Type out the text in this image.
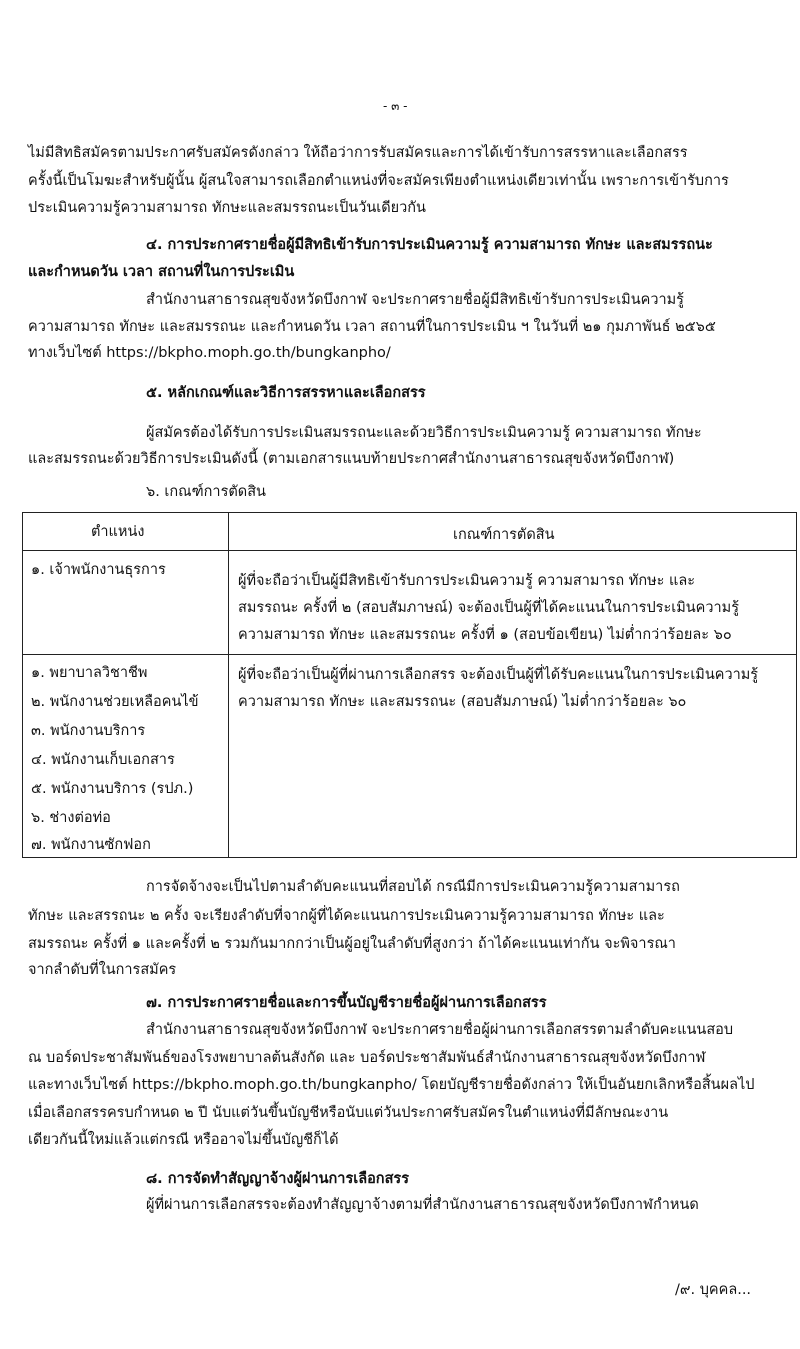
- ๓ -
ไม่มีสิทธิสมัครตามประกาศรับสมัครดังกล่าว ให้ถือว่าการรับสมัครและการได้เข้ารับการสรรหาและเลือกสรร
ครั้งนี้เป็นโมฆะสำหรับผู้นั้น ผู้สนใจสามารถเลือกตำแหน่งที่จะสมัครเพียงตำแหน่งเดียวเท่านั้น เพราะการเข้ารับการ
ประเมินความรู้ความสามารถ ทักษะและสมรรถนะเป็นวันเดียวกัน
๔. การประกาศรายชื่อผู้มีสิทธิเข้ารับการประเมินความรู้ ความสามารถ ทักษะ และสมรรถนะ
และกำหนดวัน เวลา สถานที่ในการประเมิน
สำนักงานสาธารณสุขจังหวัดบึงกาฬ จะประกาศรายชื่อผู้มีสิทธิเข้ารับการประเมินความรู้
ความสามารถ ทักษะ และสมรรถนะ และกำหนดวัน เวลา สถานที่ในการประเมิน ฯ ในวันที่ ๒๑ กุมภาพันธ์ ๒๕๖๕
ทางเว็บไซต์ https://bkpho.moph.go.th/bungkanpho/
๕. หลักเกณฑ์และวิธีการสรรหาและเลือกสรร
ผู้สมัครต้องได้รับการประเมินสมรรถนะและด้วยวิธีการประเมินความรู้ ความสามารถ ทักษะ
และสมรรถนะด้วยวิธีการประเมินดังนี้ (ตามเอกสารแนบท้ายประกาศสำนักงานสาธารณสุขจังหวัดบึงกาฬ)
๖. เกณฑ์การตัดสิน
ตำแหน่ง	เกณฑ์การตัดสิน
๑. เจ้าพนักงานธุรการ
ผู้ที่จะถือว่าเป็นผู้มีสิทธิเข้ารับการประเมินความรู้ ความสามารถ ทักษะ และ
สมรรถนะ ครั้งที่ ๒ (สอบสัมภาษณ์) จะต้องเป็นผู้ที่ได้คะแนนในการประเมินความรู้
ความสามารถ ทักษะ และสมรรถนะ ครั้งที่ ๑ (สอบข้อเขียน) ไม่ต่ำกว่าร้อยละ ๖๐
๑. พยาบาลวิชาชีพ
๒. พนักงานช่วยเหลือคนไข้
๓. พนักงานบริการ
๔. พนักงานเก็บเอกสาร
๕. พนักงานบริการ (รปภ.)
๖. ช่างต่อท่อ
๗. พนักงานซักฟอก
ผู้ที่จะถือว่าเป็นผู้ที่ผ่านการเลือกสรร จะต้องเป็นผู้ที่ได้รับคะแนนในการประเมินความรู้
ความสามารถ ทักษะ และสมรรถนะ (สอบสัมภาษณ์) ไม่ต่ำกว่าร้อยละ ๖๐
การจัดจ้างจะเป็นไปตามลำดับคะแนนที่สอบได้ กรณีมีการประเมินความรู้ความสามารถ
ทักษะ และสรรถนะ ๒ ครั้ง จะเรียงลำดับที่จากผู้ที่ได้คะแนนการประเมินความรู้ความสามารถ ทักษะ และ
สมรรถนะ ครั้งที่ ๑ และครั้งที่ ๒ รวมกันมากกว่าเป็นผู้อยู่ในลำดับที่สูงกว่า ถ้าได้คะแนนเท่ากัน จะพิจารณา
จากลำดับที่ในการสมัคร
๗. การประกาศรายชื่อและการขึ้นบัญชีรายชื่อผู้ผ่านการเลือกสรร
สำนักงานสาธารณสุขจังหวัดบึงกาฬ จะประกาศรายชื่อผู้ผ่านการเลือกสรรตามลำดับคะแนนสอบ
ณ บอร์ดประชาสัมพันธ์ของโรงพยาบาลต้นสังกัด และ บอร์ดประชาสัมพันธ์สำนักงานสาธารณสุขจังหวัดบึงกาฬ
และทางเว็บไซต์ https://bkpho.moph.go.th/bungkanpho/ โดยบัญชีรายชื่อดังกล่าว ให้เป็นอันยกเลิกหรือสิ้นผลไป
เมื่อเลือกสรรครบกำหนด ๒ ปี นับแต่วันขึ้นบัญชีหรือนับแต่วันประกาศรับสมัครในตำแหน่งที่มีลักษณะงาน
เดียวกันนี้ใหม่แล้วแต่กรณี หรืออาจไม่ขึ้นบัญชีก็ได้
๘. การจัดทำสัญญาจ้างผู้ผ่านการเลือกสรร
ผู้ที่ผ่านการเลือกสรรจะต้องทำสัญญาจ้างตามที่สำนักงานสาธารณสุขจังหวัดบึงกาฬกำหนด
/๙. บุคคล...
